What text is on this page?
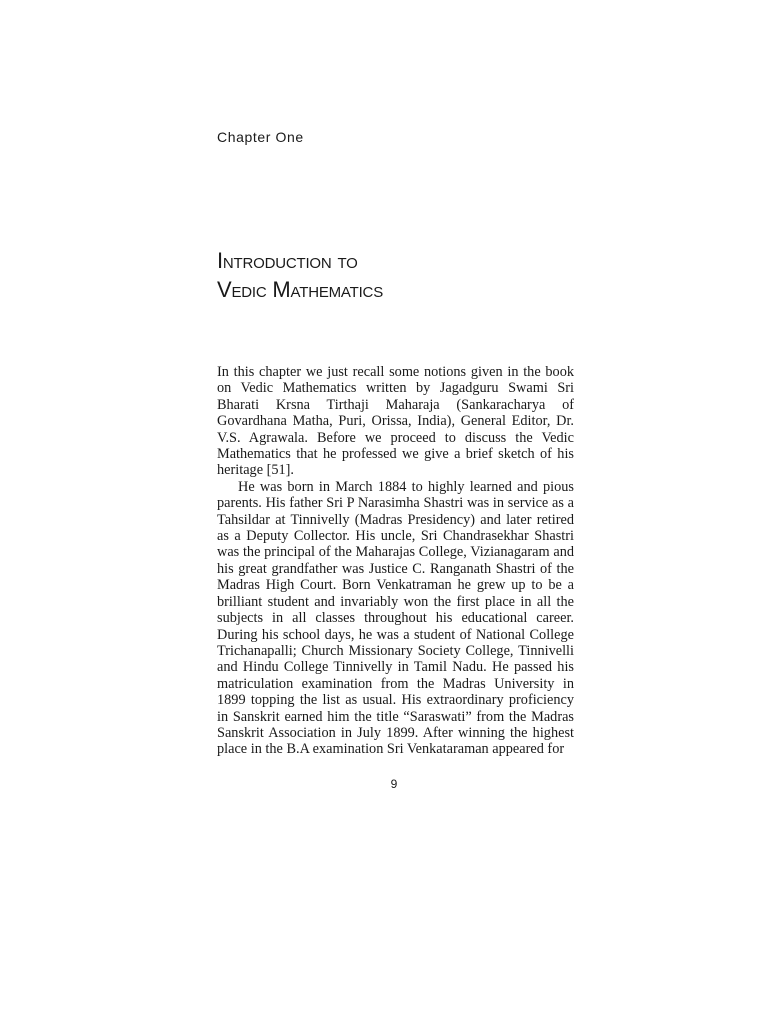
Chapter One
Introduction to
Vedic Mathematics

In this chapter we just recall some notions given in the book on Vedic Mathematics written by Jagadguru Swami Sri Bharati Krsna Tirthaji Maharaja (Sankaracharya of Govardhana Matha, Puri, Orissa, India), General Editor, Dr. V.S. Agrawala. Before we proceed to discuss the Vedic Mathematics that he professed we give a brief sketch of his heritage [51].

He was born in March 1884 to highly learned and pious parents. His father Sri P Narasimha Shastri was in service as a Tahsildar at Tinnivelly (Madras Presidency) and later retired as a Deputy Collector. His uncle, Sri Chandrasekhar Shastri was the principal of the Maharajas College, Vizianagaram and his great grandfather was Justice C. Ranganath Shastri of the Madras High Court. Born Venkatraman he grew up to be a brilliant student and invariably won the first place in all the subjects in all classes throughout his educational career. During his school days, he was a student of National College Trichanapalli; Church Missionary Society College, Tinnivelli and Hindu College Tinnivelly in Tamil Nadu. He passed his matriculation examination from the Madras University in 1899 topping the list as usual. His extraordinary proficiency in Sanskrit earned him the title “Saraswati” from the Madras Sanskrit Association in July 1899. After winning the highest place in the B.A examination Sri Venkataraman appeared for

9
